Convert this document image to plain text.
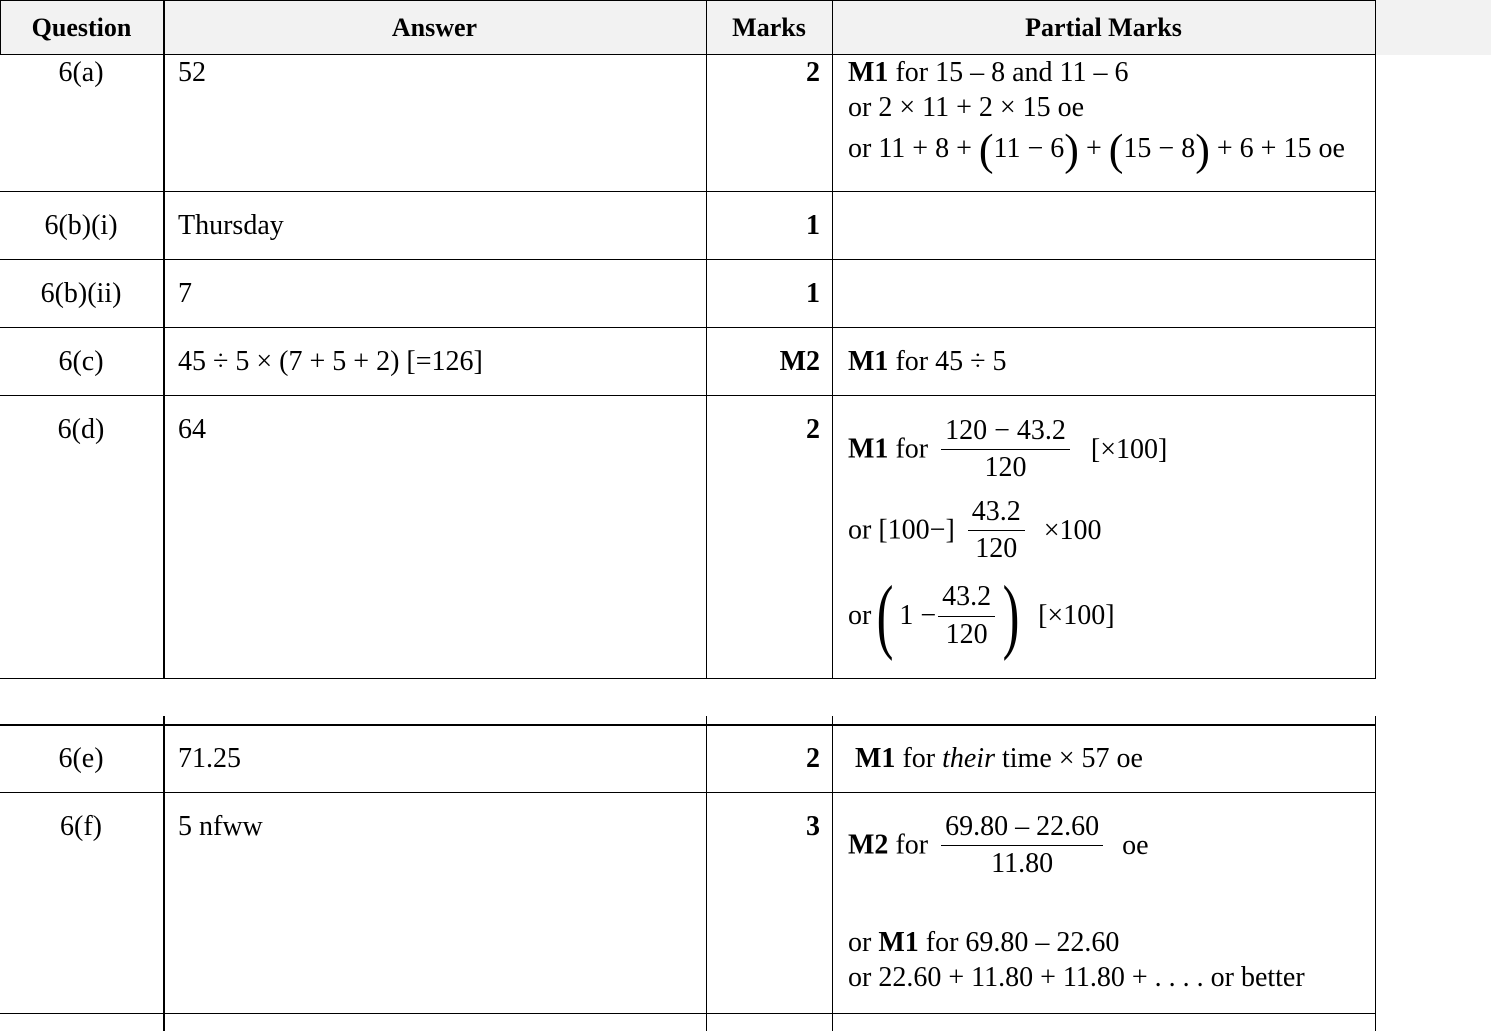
Question	Answer	Marks	Partial Marks
6(a)	52	2 M1 for 15 – 8 and 11 – 6
or 2 × 11 + 2 × 15 oe
or 11 + 8 + (11 − 6) + (15 − 8) + 6 + 15 oe
6(b)(i)	Thursday	1
6(b)(ii)	7	1
6(c)	45 ÷ 5 × (7 + 5 + 2) [=126]	M2 M1 for 45 ÷ 5
6(d)	64	2
M1 for $\frac{120 - 43.2}{120} [\times 100]$
or $[100-] \frac{43.2}{120} \times 100$
or( $1 - \frac{43.2}{120}$ ) [×100]
6(e)	71.25	2 M1 for their time × 57 oe
6(f)	5 nfww	3
M2 for $\frac{69.80 - 22.60}{11.80}$ oe
or M1 for 69.80 – 22.60
or 22.60 + 11.80 + 11.80 + . . . . or better
